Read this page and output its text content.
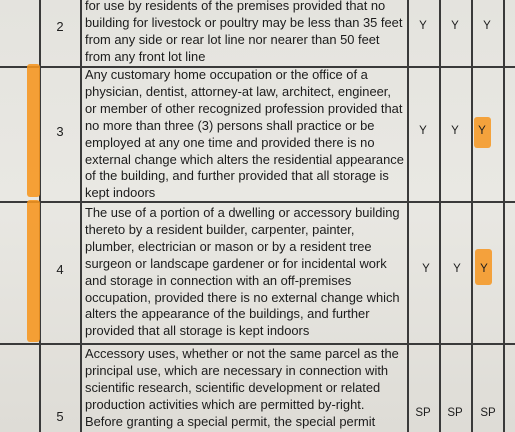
2
for use by residents of the premises provided that no
building for livestock or poultry may be less than 35 feet
from any side or rear lot line nor nearer than 50 feet
from any front lot line
Y	Y	Y
3
Any customary home occupation or the office of a
physician, dentist, attorney-at law, architect, engineer,
or member of other recognized profession provided that
no more than three (3) persons shall practice or be
employed at any one time and provided there is no
external change which alters the residential appearance
of the building, and further provided that all storage is
kept indoors
Y	Y	Y
4
The use of a portion of a dwelling or accessory building
thereto by a resident builder, carpenter, painter,
plumber, electrician or mason or by a resident tree
surgeon or landscape gardener or for incidental work
and storage in connection with an off-premises
occupation, provided there is no external change which
alters the appearance of the buildings, and further
provided that all storage is kept indoors
Y	Y	Y
5
Accessory uses, whether or not the same parcel as the
principal use, which are necessary in connection with
scientific research, scientific development or related
production activities which are permitted by-right.
Before granting a special permit, the special permit
SP	SP	SP
